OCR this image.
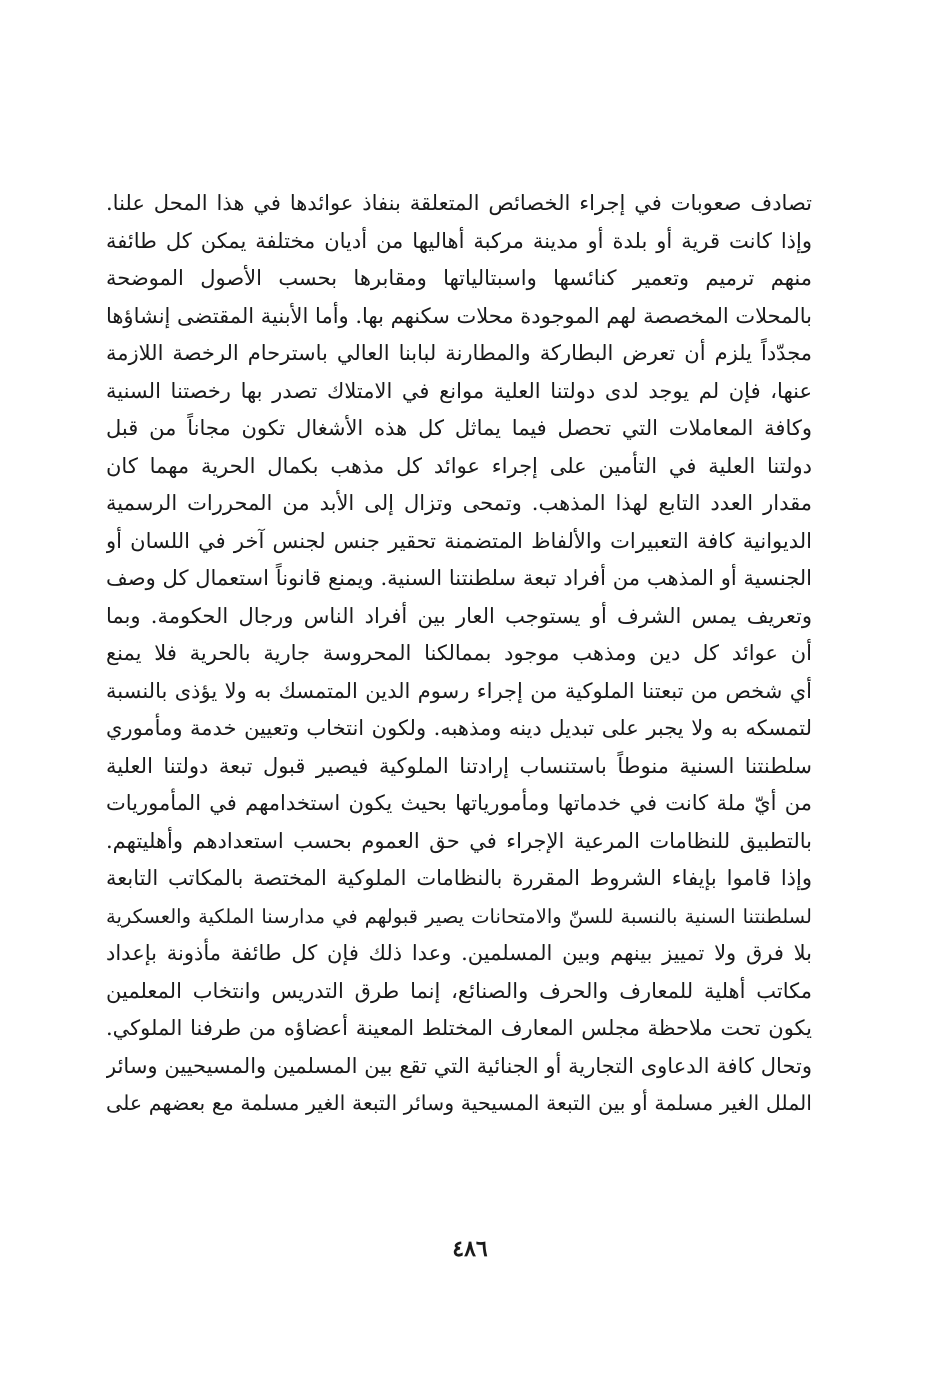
تصادف صعوبات في إجراء الخصائص المتعلقة بنفاذ عوائدها في هذا المحل علنا.
وإذا كانت قرية أو بلدة أو مدينة مركبة أهاليها من أديان مختلفة يمكن كل طائفة
منهم ترميم وتعمير كنائسها واسبتالياتها ومقابرها بحسب الأصول الموضحة
بالمحلات المخصصة لهم الموجودة محلات سكنهم بها. وأما الأبنية المقتضى إنشاؤها
مجدّداً يلزم أن تعرض البطاركة والمطارنة لبابنا العالي باسترحام الرخصة اللازمة
عنها، فإن لم يوجد لدى دولتنا العلية موانع في الامتلاك تصدر بها رخصتنا السنية
وكافة المعاملات التي تحصل فيما يماثل كل هذه الأشغال تكون مجاناً من قبل
دولتنا العلية في التأمين على إجراء عوائد كل مذهب بكمال الحرية مهما كان
مقدار العدد التابع لهذا المذهب. وتمحى وتزال إلى الأبد من المحررات الرسمية
الديوانية كافة التعبيرات والألفاظ المتضمنة تحقير جنس لجنس آخر في اللسان أو
الجنسية أو المذهب من أفراد تبعة سلطنتنا السنية. ويمنع قانوناً استعمال كل وصف
وتعريف يمس الشرف أو يستوجب العار بين أفراد الناس ورجال الحكومة. وبما
أن عوائد كل دين ومذهب موجود بممالكنا المحروسة جارية بالحرية فلا يمنع
أي شخص من تبعتنا الملوكية من إجراء رسوم الدين المتمسك به ولا يؤذى بالنسبة
لتمسكه به ولا يجبر على تبديل دينه ومذهبه. ولكون انتخاب وتعيين خدمة ومأموري
سلطنتنا السنية منوطاً باستنساب إرادتنا الملوكية فيصير قبول تبعة دولتنا العلية
من أيّ ملة كانت في خدماتها ومأمورياتها بحيث يكون استخدامهم في المأموريات
بالتطبيق للنظامات المرعية الإجراء في حق العموم بحسب استعدادهم وأهليتهم.
وإذا قاموا بإيفاء الشروط المقررة بالنظامات الملوكية المختصة بالمكاتب التابعة
لسلطنتنا السنية بالنسبة للسنّ والامتحانات يصير قبولهم في مدارسنا الملكية والعسكرية
بلا فرق ولا تمييز بينهم وبين المسلمين. وعدا ذلك فإن كل طائفة مأذونة بإعداد
مكاتب أهلية للمعارف والحرف والصنائع، إنما طرق التدريس وانتخاب المعلمين
يكون تحت ملاحظة مجلس المعارف المختلط المعينة أعضاؤه من طرفنا الملوكي.
وتحال كافة الدعاوى التجارية أو الجنائية التي تقع بين المسلمين والمسيحيين وسائر
الملل الغير مسلمة أو بين التبعة المسيحية وسائر التبعة الغير مسلمة مع بعضهم على
٤٨٦
